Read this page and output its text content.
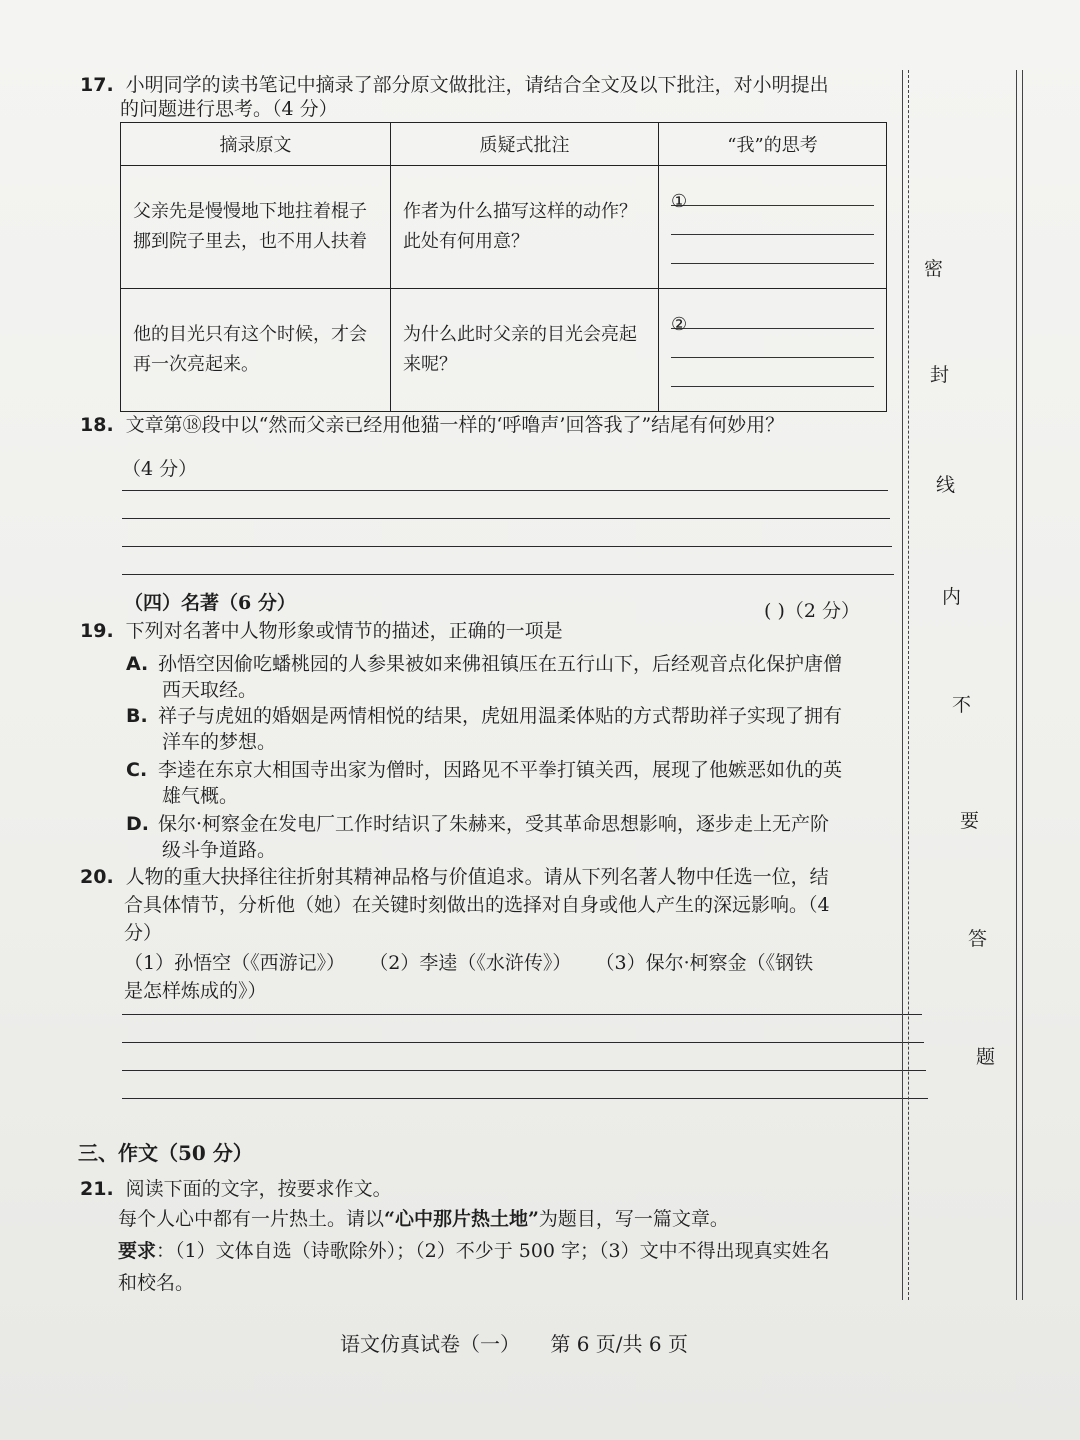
17. 小明同学的读书笔记中摘录了部分原文做批注，请结合全文及以下批注，对小明提出
的问题进行思考。（4 分）
摘录原文	质疑式批注	“我”的思考
父亲先是慢慢地下地拄着棍子挪到院子里去，也不用人扶着	作者为什么描写这样的动作？此处有何用意？	①

他的目光只有这个时候，才会再一次亮起来。	为什么此时父亲的目光会亮起来呢？	②
18. 文章第⑱段中以“然而父亲已经用他猫一样的‘呼噜声’回答我了”结尾有何妙用？
（4 分）
（四）名著（6 分）
19. 下列对名著中人物形象或情节的描述，正确的一项是
( )（2 分）
A. 孙悟空因偷吃蟠桃园的人参果被如来佛祖镇压在五行山下，后经观音点化保护唐僧
西天取经。
B. 祥子与虎妞的婚姻是两情相悦的结果，虎妞用温柔体贴的方式帮助祥子实现了拥有
洋车的梦想。
C. 李逵在东京大相国寺出家为僧时，因路见不平拳打镇关西，展现了他嫉恶如仇的英
雄气概。
D. 保尔·柯察金在发电厂工作时结识了朱赫来，受其革命思想影响，逐步走上无产阶
级斗争道路。
20. 人物的重大抉择往往折射其精神品格与价值追求。请从下列名著人物中任选一位，结
合具体情节，分析他（她）在关键时刻做出的选择对自身或他人产生的深远影响。（4
分）
（1）孙悟空（《西游记》）    （2）李逵（《水浒传》）    （3）保尔·柯察金（《钢铁
是怎样炼成的》）
三、作文（50 分）
21. 阅读下面的文字，按要求作文。
每个人心中都有一片热土。请以“心中那片热土地”为题目，写一篇文章。
要求：（1）文体自选（诗歌除外）；（2）不少于 500 字；（3）文中不得出现真实姓名
和校名。
密
封
线
内
不
要
答
题
语文仿真试卷（一） 第 6 页/共 6 页
